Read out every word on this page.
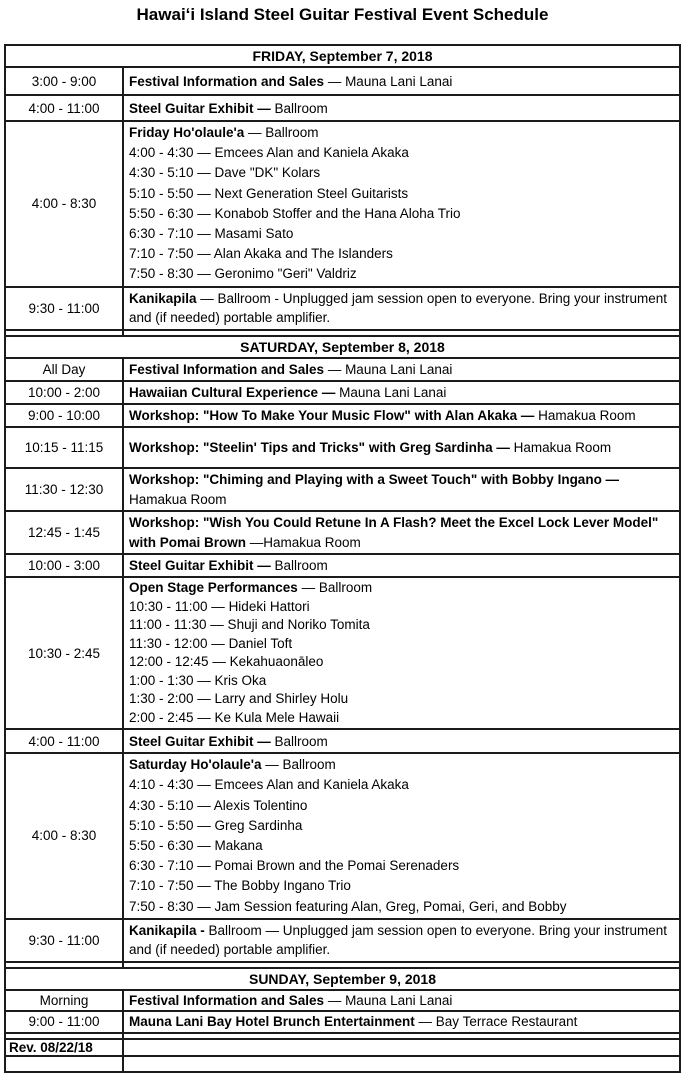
Hawaiʻi Island Steel Guitar Festival Event Schedule
FRIDAY, September 7, 2018	
3:00 - 9:00	Festival Information and Sales — Mauna Lani Lanai
4:00 - 11:00	Steel Guitar Exhibit — Ballroom
4:00 - 8:30	Friday Ho'olaule'a — Ballroom
4:00 - 4:30 — Emcees Alan and Kaniela Akaka
4:30 - 5:10 — Dave "DK" Kolars
5:10 - 5:50 — Next Generation Steel Guitarists
5:50 - 6:30 — Konabob Stoffer and the Hana Aloha Trio
6:30 - 7:10 — Masami Sato
7:10 - 7:50 — Alan Akaka and The Islanders
7:50 - 8:30 — Geronimo "Geri" Valdriz

9:30 - 11:00	Kanikapila — Ballroom - Unplugged jam session open to everyone. Bring your instrument and (if needed) portable amplifier.

SATURDAY, September 8, 2018	
All Day	Festival Information and Sales — Mauna Lani Lanai
10:00 - 2:00	Hawaiian Cultural Experience — Mauna Lani Lanai
9:00 - 10:00	Workshop: "How To Make Your Music Flow" with Alan Akaka — Hamakua Room
10:15 - 11:15	Workshop: "Steelin' Tips and Tricks" with Greg Sardinha — Hamakua Room
11:30 - 12:30	Workshop: "Chiming and Playing with a Sweet Touch" with Bobby Ingano — Hamakua Room
12:45 - 1:45	Workshop: "Wish You Could Retune In A Flash? Meet the Excel Lock Lever Model" with Pomai Brown —Hamakua Room
10:00 - 3:00	Steel Guitar Exhibit — Ballroom
10:30 - 2:45	Open Stage Performances — Ballroom
10:30 - 11:00 — Hideki Hattori
11:00 - 11:30 — Shuji and Noriko Tomita
11:30 - 12:00 — Daniel Toft
12:00 - 12:45 — Kekahuaonāleo
1:00 - 1:30 — Kris Oka
1:30 - 2:00 — Larry and Shirley Holu
2:00 - 2:45 — Ke Kula Mele Hawaii

4:00 - 11:00	Steel Guitar Exhibit — Ballroom
4:00 - 8:30	Saturday Ho'olaule'a — Ballroom
4:10 - 4:30 — Emcees Alan and Kaniela Akaka
4:30 - 5:10 — Alexis Tolentino
5:10 - 5:50 — Greg Sardinha
5:50 - 6:30 — Makana
6:30 - 7:10 — Pomai Brown and the Pomai Serenaders
7:10 - 7:50 — The Bobby Ingano Trio
7:50 - 8:30 — Jam Session featuring Alan, Greg, Pomai, Geri, and Bobby

9:30 - 11:00	Kanikapila - Ballroom — Unplugged jam session open to everyone. Bring your instrument and (if needed) portable amplifier.

SUNDAY, September 9, 2018	
Morning	Festival Information and Sales — Mauna Lani Lanai
9:00 - 11:00	Mauna Lani Bay Hotel Brunch Entertainment — Bay Terrace Restaurant

Rev. 08/22/18	
